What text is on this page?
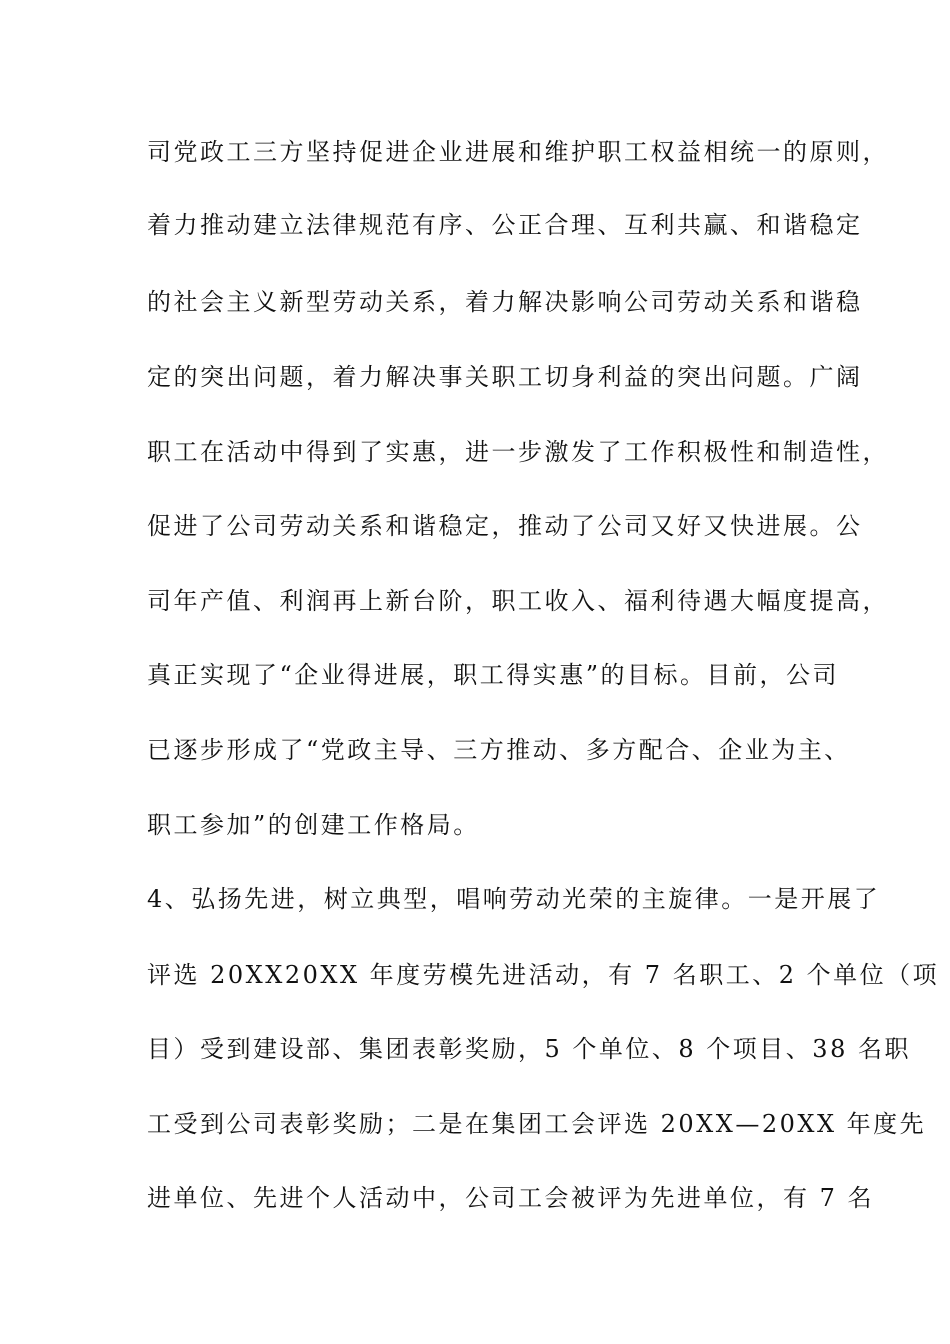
司党政工三方坚持促进企业进展和维护职工权益相统一的原则，
着力推动建立法律规范有序、公正合理、互利共赢、和谐稳定
的社会主义新型劳动关系，着力解决影响公司劳动关系和谐稳
定的突出问题，着力解决事关职工切身利益的突出问题。广阔
职工在活动中得到了实惠，进一步激发了工作积极性和制造性，
促进了公司劳动关系和谐稳定，推动了公司又好又快进展。公
司年产值、利润再上新台阶，职工收入、福利待遇大幅度提高，
真正实现了“企业得进展，职工得实惠”的目标。目前，公司
已逐步形成了“党政主导、三方推动、多方配合、企业为主、
职工参加”的创建工作格局。
4、弘扬先进，树立典型，唱响劳动光荣的主旋律。一是开展了
评选 20XX20XX 年度劳模先进活动，有 7 名职工、2 个单位（项
目）受到建设部、集团表彰奖励，5 个单位、8 个项目、38 名职
工受到公司表彰奖励；二是在集团工会评选 20XX—20XX 年度先
进单位、先进个人活动中，公司工会被评为先进单位，有 7 名
